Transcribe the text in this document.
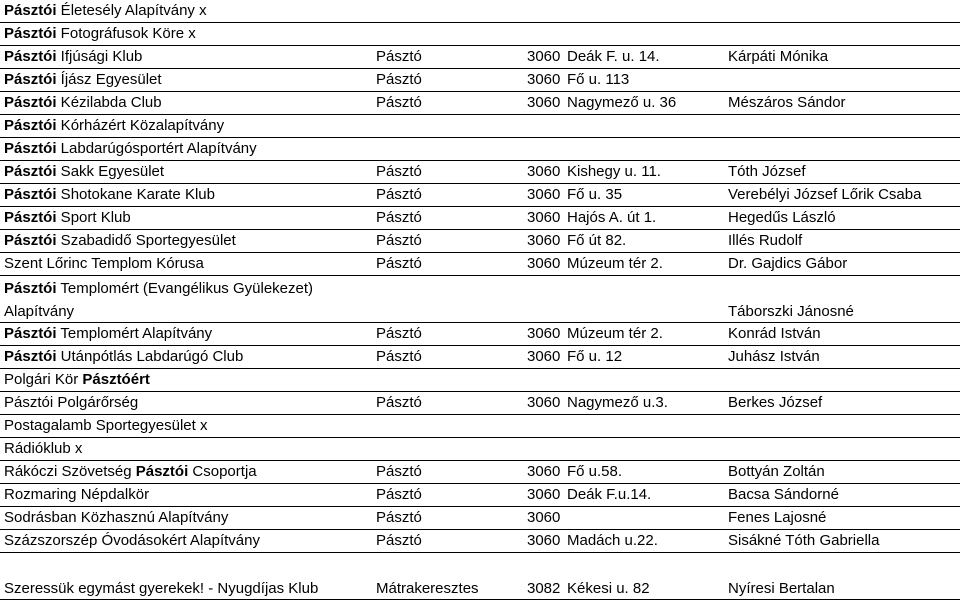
Pásztói Életesély Alapítvány x
Pásztói Fotográfusok Köre x
Pásztói Ifjúsági Klub	Pásztó	3060 Deák F. u. 14.	Kárpáti Mónika
Pásztói Íjász Egyesület	Pásztó	3060 Fő u. 113
Pásztói Kézilabda Club	Pásztó	3060 Nagymező u. 36	Mészáros Sándor
Pásztói Kórházért Közalapítvány
Pásztói Labdarúgósportért Alapítvány
Pásztói Sakk Egyesület	Pásztó	3060 Kishegy u. 11.	Tóth József
Pásztói Shotokane Karate Klub	Pásztó	3060 Fő u. 35	Verebélyi József Lőrik Csaba
Pásztói Sport Klub	Pásztó	3060 Hajós A. út 1.	Hegedűs László
Pásztói Szabadidő Sportegyesület	Pásztó	3060 Fő út 82.	Illés Rudolf
Szent Lőrinc Templom Kórusa	Pásztó	3060 Múzeum tér 2.	Dr. Gajdics Gábor
Pásztói Templomért (Evangélikus Gyülekezet)
Alapítvány	Táborszki Jánosné
Pásztói Templomért Alapítvány	Pásztó	3060 Múzeum tér 2.	Konrád István
Pásztói Utánpótlás Labdarúgó Club	Pásztó	3060 Fő u. 12	Juhász István
Polgári Kör Pásztóért
Pásztói Polgárőrség	Pásztó	3060 Nagymező u.3.	Berkes József
Postagalamb Sportegyesület x
Rádióklub x
Rákóczi Szövetség Pásztói Csoportja	Pásztó	3060 Fő u.58.	Bottyán Zoltán
Rozmaring Népdalkör	Pásztó	3060 Deák F.u.14.	Bacsa Sándorné
Sodrásban Közhasznú Alapítvány	Pásztó	3060	Fenes Lajosné
Százszorszép Óvodásokért Alapítvány	Pásztó	3060 Madách u.22.	Sisákné Tóth Gabriella
Szeressük egymást gyerekek! - Nyugdíjas Klub	Mátrakeresztes	3082 Kékesi u. 82	Nyíresi Bertalan
